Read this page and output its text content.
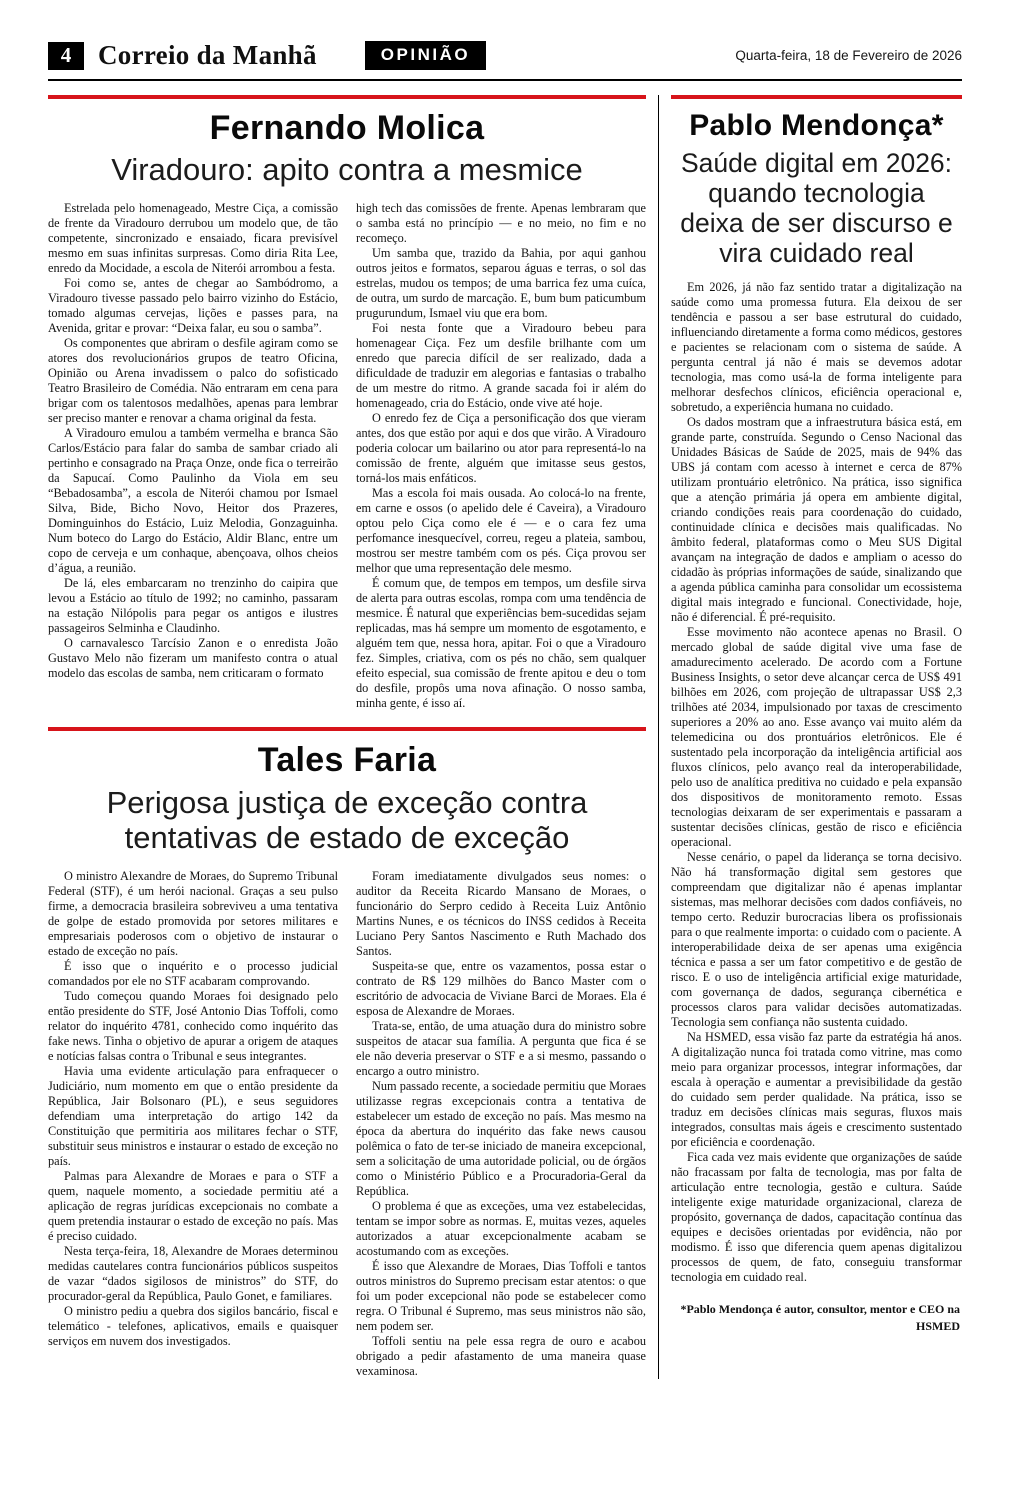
4 Correio da Manhã	OPINIÃO	Quarta-feira, 18 de Fevereiro de 2026
Fernando Molica
Viradouro: apito contra a mesmice

Estrelada pelo homenageado, Mestre Ciça, a comissão de frente da Viradouro derrubou um modelo que, de tão competente, sincronizado e ensaiado, ficara previsível mesmo em suas infinitas surpresas. Como diria Rita Lee, enredo da Mocidade, a escola de Niterói arrombou a festa.

Foi como se, antes de chegar ao Sambódromo, a Viradouro tivesse passado pelo bairro vizinho do Estácio, tomado algumas cervejas, lições e passes para, na Avenida, gritar e provar: “Deixa falar, eu sou o samba”.

Os componentes que abriram o desfile agiram como se atores dos revolucionários grupos de teatro Oficina, Opinião ou Arena invadissem o palco do sofisticado Teatro Brasileiro de Comédia. Não entraram em cena para brigar com os talentosos medalhões, apenas para lembrar ser preciso manter e renovar a chama original da festa.

A Viradouro emulou a também vermelha e branca São Carlos/Estácio para falar do samba de sambar criado ali pertinho e consagrado na Praça Onze, onde fica o terreirão da Sapucaí. Como Paulinho da Viola em seu “Bebadosamba”, a escola de Niterói chamou por Ismael Silva, Bide, Bicho Novo, Heitor dos Prazeres, Dominguinhos do Estácio, Luiz Melodia, Gonzaguinha. Num boteco do Largo do Estácio, Aldir Blanc, entre um copo de cerveja e um conhaque, abençoava, olhos cheios d’água, a reunião.

De lá, eles embarcaram no trenzinho do caipira que levou a Estácio ao título de 1992; no caminho, passaram na estação Nilópolis para pegar os antigos e ilustres passageiros Selminha e Claudinho.

O carnavalesco Tarcísio Zanon e o enredista João Gustavo Melo não fizeram um manifesto contra o atual modelo das escolas de samba, nem criticaram o formato

high tech das comissões de frente. Apenas lembraram que o samba está no princípio — e no meio, no fim e no recomeço.

Um samba que, trazido da Bahia, por aqui ganhou outros jeitos e formatos, separou águas e terras, o sol das estrelas, mudou os tempos; de uma barrica fez uma cuíca, de outra, um surdo de marcação. E, bum bum paticumbum prugurundum, Ismael viu que era bom.

Foi nesta fonte que a Viradouro bebeu para homenagear Ciça. Fez um desfile brilhante com um enredo que parecia difícil de ser realizado, dada a dificuldade de traduzir em alegorias e fantasias o trabalho de um mestre do ritmo. A grande sacada foi ir além do homenageado, cria do Estácio, onde vive até hoje.

O enredo fez de Ciça a personificação dos que vieram antes, dos que estão por aqui e dos que virão. A Viradouro poderia colocar um bailarino ou ator para representá-lo na comissão de frente, alguém que imitasse seus gestos, torná-los mais enfáticos.

Mas a escola foi mais ousada. Ao colocá-lo na frente, em carne e ossos (o apelido dele é Caveira), a Viradouro optou pelo Ciça como ele é — e o cara fez uma perfomance inesquecível, correu, regeu a plateia, sambou, mostrou ser mestre também com os pés. Ciça provou ser melhor que uma representação dele mesmo.

É comum que, de tempos em tempos, um desfile sirva de alerta para outras escolas, rompa com uma tendência de mesmice. É natural que experiências bem-sucedidas sejam replicadas, mas há sempre um momento de esgotamento, e alguém tem que, nessa hora, apitar. Foi o que a Viradouro fez. Simples, criativa, com os pés no chão, sem qualquer efeito especial, sua comissão de frente apitou e deu o tom do desfile, propôs uma nova afinação. O nosso samba, minha gente, é isso aí.

Tales Faria
Perigosa justiça de exceção contra tentativas de estado de exceção

O ministro Alexandre de Moraes, do Supremo Tribunal Federal (STF), é um herói nacional. Graças a seu pulso firme, a democracia brasileira sobreviveu a uma tentativa de golpe de estado promovida por setores militares e empresariais poderosos com o objetivo de instaurar o estado de exceção no país.

É isso que o inquérito e o processo judicial comandados por ele no STF acabaram comprovando.

Tudo começou quando Moraes foi designado pelo então presidente do STF, José Antonio Dias Toffoli, como relator do inquérito 4781, conhecido como inquérito das fake news. Tinha o objetivo de apurar a origem de ataques e notícias falsas contra o Tribunal e seus integrantes.

Havia uma evidente articulação para enfraquecer o Judiciário, num momento em que o então presidente da República, Jair Bolsonaro (PL), e seus seguidores defendiam uma interpretação do artigo 142 da Constituição que permitiria aos militares fechar o STF, substituir seus ministros e instaurar o estado de exceção no país.

Palmas para Alexandre de Moraes e para o STF a quem, naquele momento, a sociedade permitiu até a aplicação de regras jurídicas excepcionais no combate a quem pretendia instaurar o estado de exceção no país. Mas é preciso cuidado.

Nesta terça-feira, 18, Alexandre de Moraes determinou medidas cautelares contra funcionários públicos suspeitos de vazar “dados sigilosos de ministros” do STF, do procurador-geral da República, Paulo Gonet, e familiares.

O ministro pediu a quebra dos sigilos bancário, fiscal e telemático - telefones, aplicativos, emails e quaisquer serviços em nuvem dos investigados.

Foram imediatamente divulgados seus nomes: o auditor da Receita Ricardo Mansano de Moraes, o funcionário do Serpro cedido à Receita Luiz Antônio Martins Nunes, e os técnicos do INSS cedidos à Receita Luciano Pery Santos Nascimento e Ruth Machado dos Santos.

Suspeita-se que, entre os vazamentos, possa estar o contrato de R$ 129 milhões do Banco Master com o escritório de advocacia de Viviane Barci de Moraes. Ela é esposa de Alexandre de Moraes.

Trata-se, então, de uma atuação dura do ministro sobre suspeitos de atacar sua família. A pergunta que fica é se ele não deveria preservar o STF e a si mesmo, passando o encargo a outro ministro.

Num passado recente, a sociedade permitiu que Moraes utilizasse regras excepcionais contra a tentativa de estabelecer um estado de exceção no país. Mas mesmo na época da abertura do inquérito das fake news causou polêmica o fato de ter-se iniciado de maneira excepcional, sem a solicitação de uma autoridade policial, ou de órgãos como o Ministério Público e a Procuradoria-Geral da República.

O problema é que as exceções, uma vez estabelecidas, tentam se impor sobre as normas. E, muitas vezes, aqueles autorizados a atuar excepcionalmente acabam se acostumando com as exceções.

É isso que Alexandre de Moraes, Dias Toffoli e tantos outros ministros do Supremo precisam estar atentos: o que foi um poder excepcional não pode se estabelecer como regra. O Tribunal é Supremo, mas seus ministros não são, nem podem ser.

Toffoli sentiu na pele essa regra de ouro e acabou obrigado a pedir afastamento de uma maneira quase vexaminosa.

Pablo Mendonça*
Saúde digital em 2026: quando tecnologia deixa de ser discurso e vira cuidado real

Em 2026, já não faz sentido tratar a digitalização na saúde como uma promessa futura. Ela deixou de ser tendência e passou a ser base estrutural do cuidado, influenciando diretamente a forma como médicos, gestores e pacientes se relacionam com o sistema de saúde. A pergunta central já não é mais se devemos adotar tecnologia, mas como usá-la de forma inteligente para melhorar desfechos clínicos, eficiência operacional e, sobretudo, a experiência humana no cuidado.

Os dados mostram que a infraestrutura básica está, em grande parte, construída. Segundo o Censo Nacional das Unidades Básicas de Saúde de 2025, mais de 94% das UBS já contam com acesso à internet e cerca de 87% utilizam prontuário eletrônico. Na prática, isso significa que a atenção primária já opera em ambiente digital, criando condições reais para coordenação do cuidado, continuidade clínica e decisões mais qualificadas. No âmbito federal, plataformas como o Meu SUS Digital avançam na integração de dados e ampliam o acesso do cidadão às próprias informações de saúde, sinalizando que a agenda pública caminha para consolidar um ecossistema digital mais integrado e funcional. Conectividade, hoje, não é diferencial. É pré-requisito.

Esse movimento não acontece apenas no Brasil. O mercado global de saúde digital vive uma fase de amadurecimento acelerado. De acordo com a Fortune Business Insights, o setor deve alcançar cerca de US$ 491 bilhões em 2026, com projeção de ultrapassar US$ 2,3 trilhões até 2034, impulsionado por taxas de crescimento superiores a 20% ao ano. Esse avanço vai muito além da telemedicina ou dos prontuários eletrônicos. Ele é sustentado pela incorporação da inteligência artificial aos fluxos clínicos, pelo avanço real da interoperabilidade, pelo uso de analítica preditiva no cuidado e pela expansão dos dispositivos de monitoramento remoto. Essas tecnologias deixaram de ser experimentais e passaram a sustentar decisões clínicas, gestão de risco e eficiência operacional.

Nesse cenário, o papel da liderança se torna decisivo. Não há transformação digital sem gestores que compreendam que digitalizar não é apenas implantar sistemas, mas melhorar decisões com dados confiáveis, no tempo certo. Reduzir burocracias libera os profissionais para o que realmente importa: o cuidado com o paciente. A interoperabilidade deixa de ser apenas uma exigência técnica e passa a ser um fator competitivo e de gestão de risco. E o uso de inteligência artificial exige maturidade, com governança de dados, segurança cibernética e processos claros para validar decisões automatizadas. Tecnologia sem confiança não sustenta cuidado.

Na HSMED, essa visão faz parte da estratégia há anos. A digitalização nunca foi tratada como vitrine, mas como meio para organizar processos, integrar informações, dar escala à operação e aumentar a previsibilidade da gestão do cuidado sem perder qualidade. Na prática, isso se traduz em decisões clínicas mais seguras, fluxos mais integrados, consultas mais ágeis e crescimento sustentado por eficiência e coordenação.

Fica cada vez mais evidente que organizações de saúde não fracassam por falta de tecnologia, mas por falta de articulação entre tecnologia, gestão e cultura. Saúde inteligente exige maturidade organizacional, clareza de propósito, governança de dados, capacitação contínua das equipes e decisões orientadas por evidência, não por modismo. É isso que diferencia quem apenas digitalizou processos de quem, de fato, conseguiu transformar tecnologia em cuidado real.

*Pablo Mendonça é autor, consultor, mentor e CEO na HSMED
